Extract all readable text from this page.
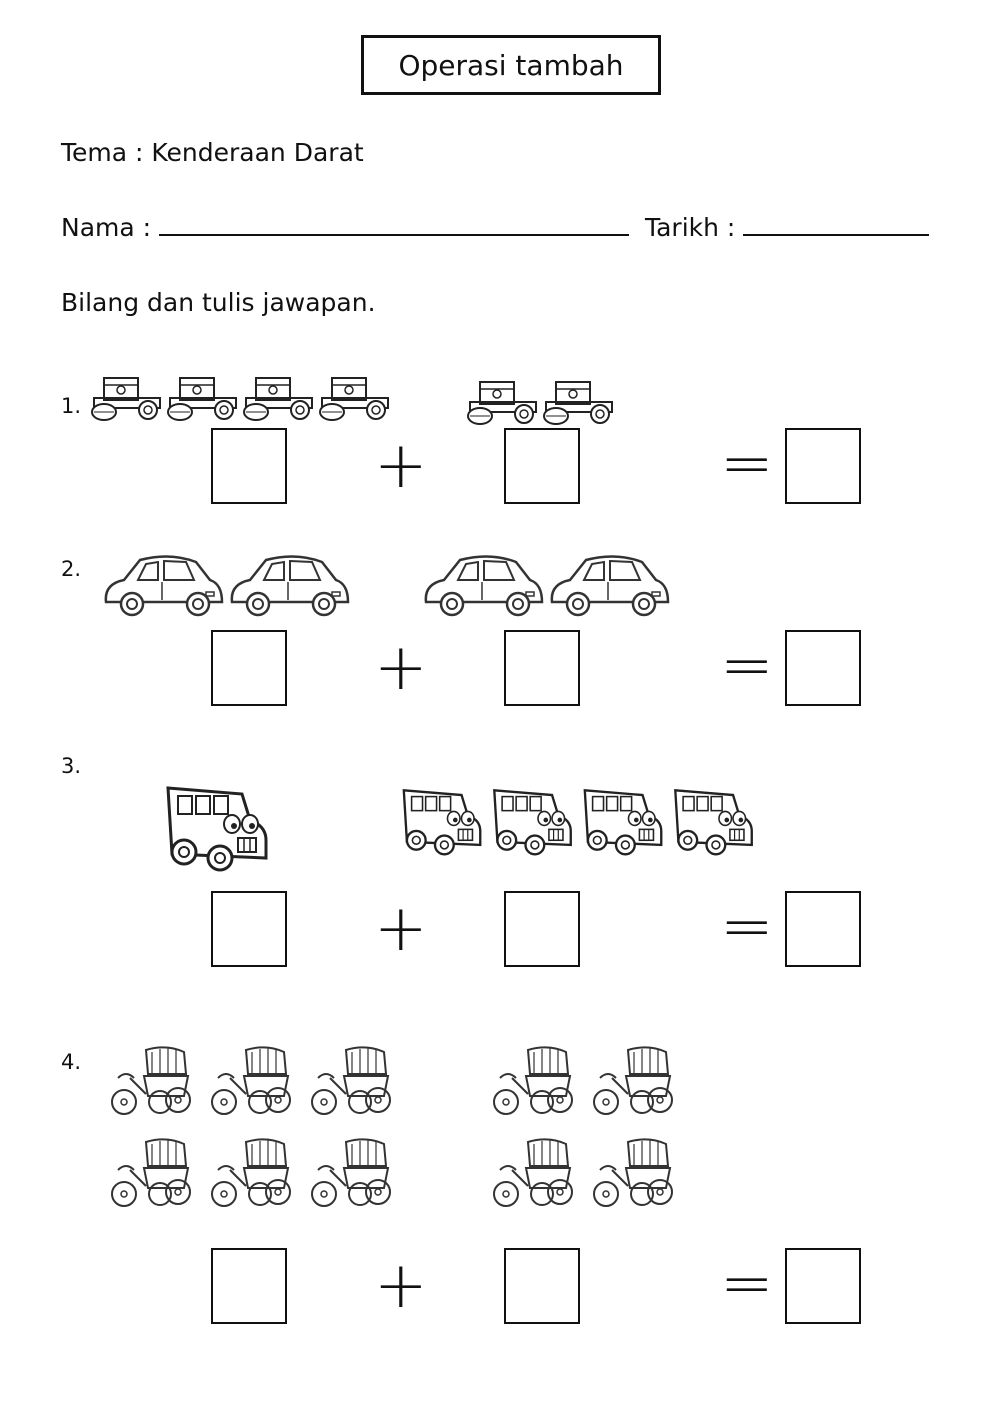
Operasi tambah
Tema : Kenderaan Darat
Nama :	Tarikh :
Bilang dan tulis jawapan.
1.
+	=
2.
+	=
3.
+	=
4.
+	=
